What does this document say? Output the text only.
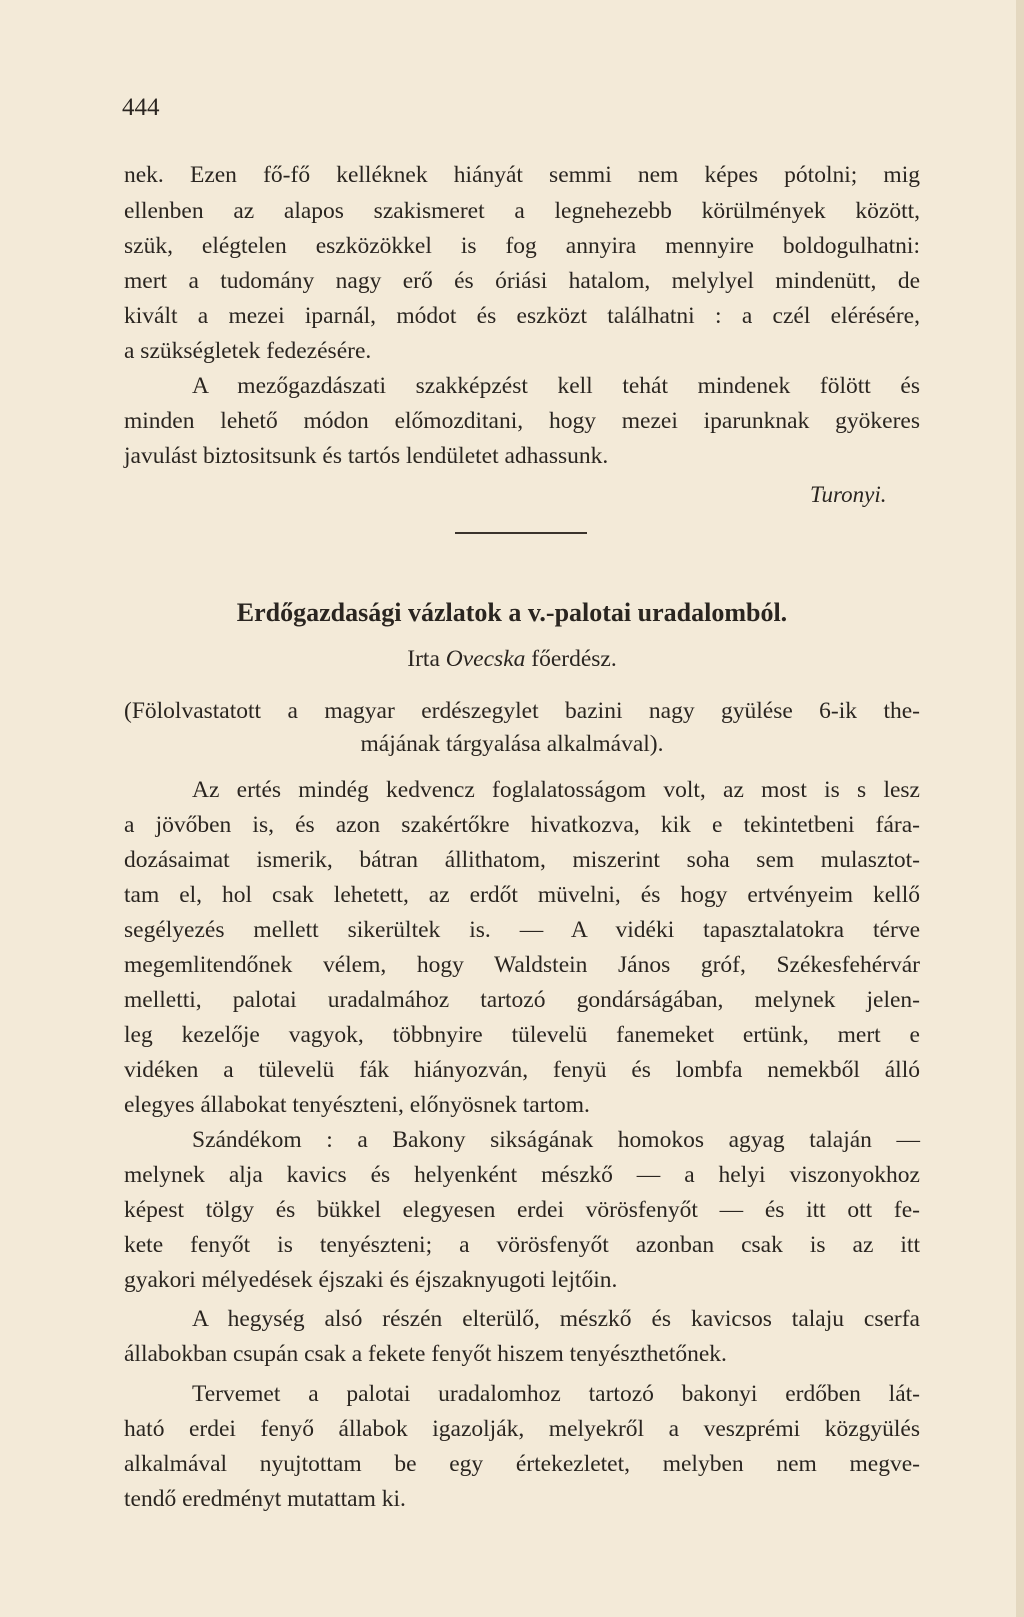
444
nek. Ezen fő-fő kelléknek hiányát semmi nem képes pótolni; mig
ellenben az alapos szakismeret a legnehezebb körülmények között,
szük, elégtelen eszközökkel is fog annyira mennyire boldogulhatni:
mert a tudomány nagy erő és óriási hatalom, melylyel mindenütt, de
kivált a mezei iparnál, módot és eszközt találhatni : a czél elérésére,
a szükségletek fedezésére.
A mezőgazdászati szakképzést kell tehát mindenek fölött és
minden lehető módon előmozditani, hogy mezei iparunknak gyökeres
javulást biztositsunk és tartós lendületet adhassunk.
Turonyi.
Erdőgazdasági vázlatok a v.-palotai uradalomból.
Irta Ovecska főerdész.
(Fölolvastatott a magyar erdészegylet bazini nagy gyülése 6-ik the-
májának tárgyalása alkalmával).
Az ertés mindég kedvencz foglalatosságom volt, az most is s lesz
a jövőben is, és azon szakértőkre hivatkozva, kik e tekintetbeni fára-
dozásaimat ismerik, bátran állithatom, miszerint soha sem mulasztot-
tam el, hol csak lehetett, az erdőt müvelni, és hogy ertvényeim kellő
segélyezés mellett sikerültek is. — A vidéki tapasztalatokra térve
megemlitendőnek vélem, hogy Waldstein János gróf, Székesfehérvár
melletti, palotai uradalmához tartozó gondárságában, melynek jelen-
leg kezelője vagyok, többnyire tülevelü fanemeket ertünk, mert e
vidéken a tülevelü fák hiányozván, fenyü és lombfa nemekből álló
elegyes állabokat tenyészteni, előnyösnek tartom.
Szándékom : a Bakony sikságának homokos agyag talaján —
melynek alja kavics és helyenként mészkő — a helyi viszonyokhoz
képest tölgy és bükkel elegyesen erdei vörösfenyőt — és itt ott fe-
kete fenyőt is tenyészteni; a vörösfenyőt azonban csak is az itt
gyakori mélyedések éjszaki és éjszaknyugoti lejtőin.
A hegység alsó részén elterülő, mészkő és kavicsos talaju cserfa
állabokban csupán csak a fekete fenyőt hiszem tenyészthetőnek.
Tervemet a palotai uradalomhoz tartozó bakonyi erdőben lát-
ható erdei fenyő állabok igazolják, melyekről a veszprémi közgyülés
alkalmával nyujtottam be egy értekezletet, melyben nem megve-
tendő eredményt mutattam ki.
